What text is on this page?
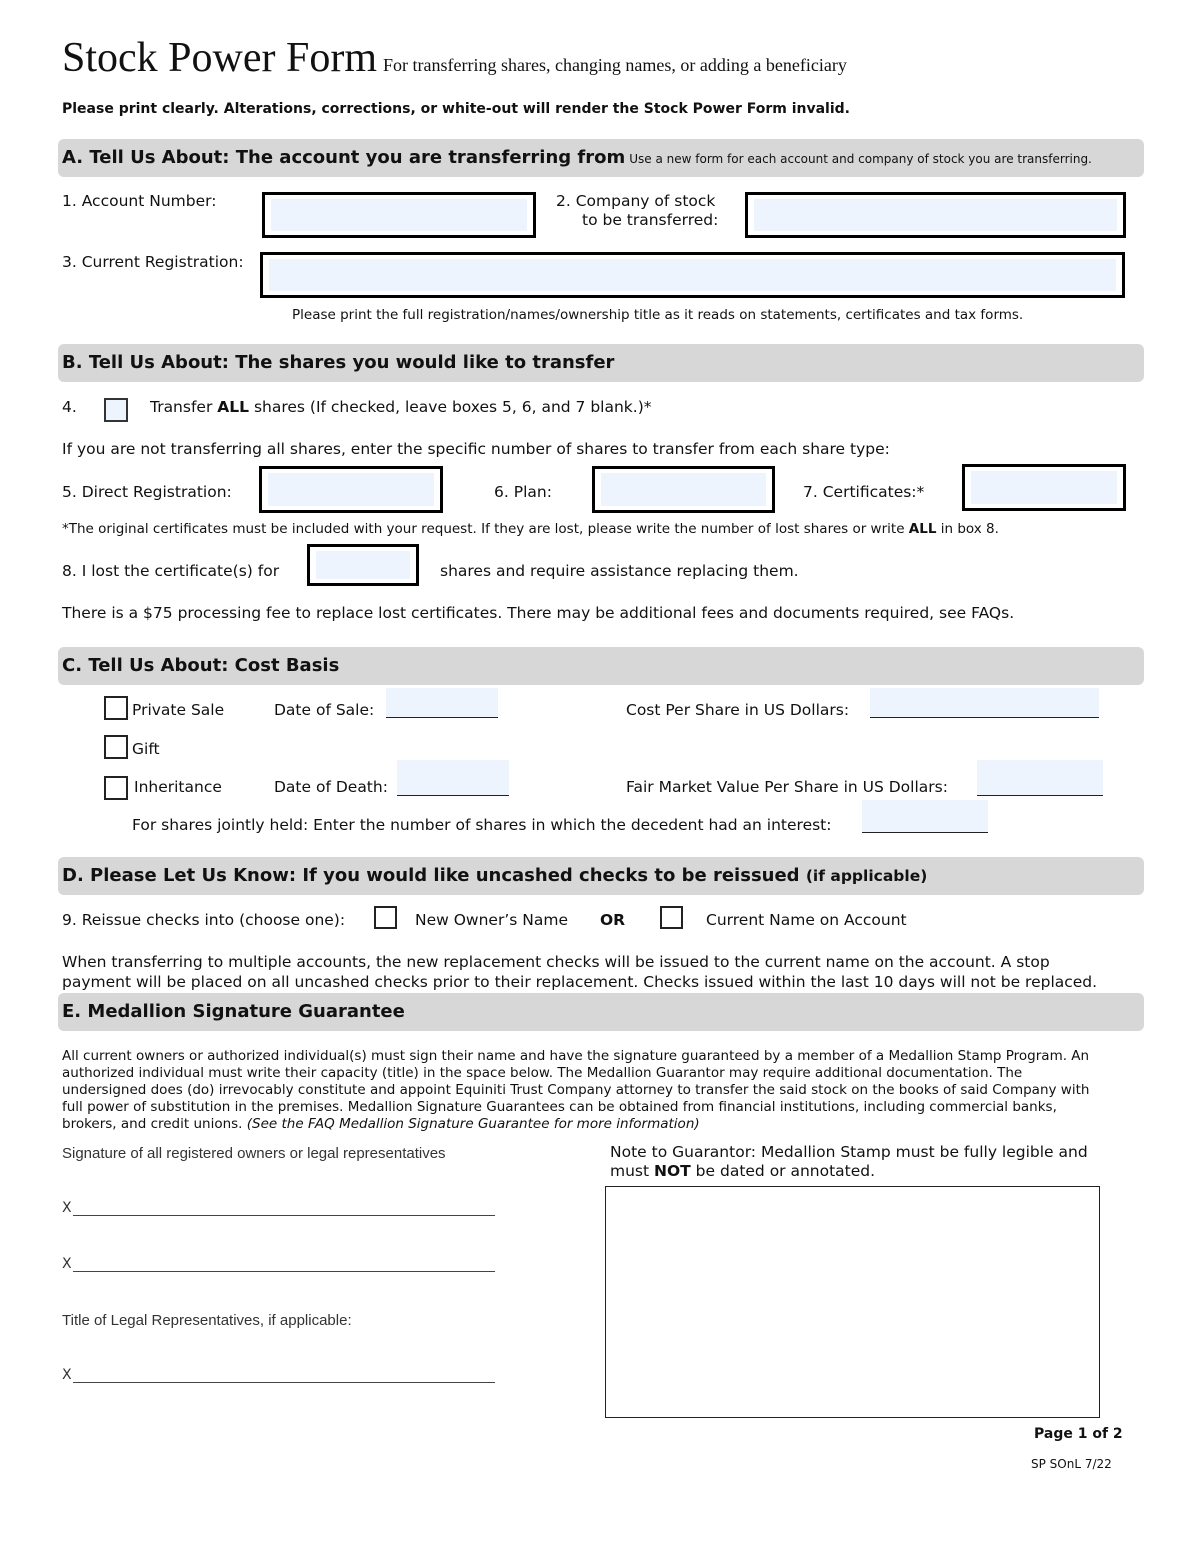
Stock Power Form For transferring shares, changing names, or adding a beneficiary
Please print clearly. Alterations, corrections, or white-out will render the Stock Power Form invalid.
A. Tell Us About: The account you are transferring from Use a new form for each account and company of stock you are transferring.
1. Account Number:	2. Company of stock
to be transferred:
3. Current Registration:
Please print the full registration/names/ownership title as it reads on statements, certificates and tax forms.
B. Tell Us About: The shares you would like to transfer
4.	Transfer ALL shares (If checked, leave boxes 5, 6, and 7 blank.)*
If you are not transferring all shares, enter the specific number of shares to transfer from each share type:
5. Direct Registration:	6. Plan:	7. Certificates:*
*The original certificates must be included with your request. If they are lost, please write the number of lost shares or write ALL in box 8.
8. I lost the certificate(s) for	shares and require assistance replacing them.
There is a $75 processing fee to replace lost certificates. There may be additional fees and documents required, see FAQs.
C. Tell Us About: Cost Basis
Private Sale	Date of Sale:	Cost Per Share in US Dollars:
Gift
Inheritance	Date of Death:	Fair Market Value Per Share in US Dollars:
For shares jointly held: Enter the number of shares in which the decedent had an interest:
D. Please Let Us Know: If you would like uncashed checks to be reissued (if applicable)
9. Reissue checks into (choose one):	New Owner’s Name OR	Current Name on Account
When transferring to multiple accounts, the new replacement checks will be issued to the current name on the account. A stop
payment will be placed on all uncashed checks prior to their replacement. Checks issued within the last 10 days will not be replaced.
E. Medallion Signature Guarantee
All current owners or authorized individual(s) must sign their name and have the signature guaranteed by a member of a Medallion Stamp Program. An
authorized individual must write their capacity (title) in the space below. The Medallion Guarantor may require additional documentation. The
undersigned does (do) irrevocably constitute and appoint Equiniti Trust Company attorney to transfer the said stock on the books of said Company with
full power of substitution in the premises. Medallion Signature Guarantees can be obtained from financial institutions, including commercial banks,
brokers, and credit unions. (See the FAQ Medallion Signature Guarantee for more information)
Signature of all registered owners or legal representatives
X
X
Title of Legal Representatives, if applicable:
X
Note to Guarantor: Medallion Stamp must be fully legible and
must NOT be dated or annotated.
Page 1 of 2
SP SOnL 7/22
